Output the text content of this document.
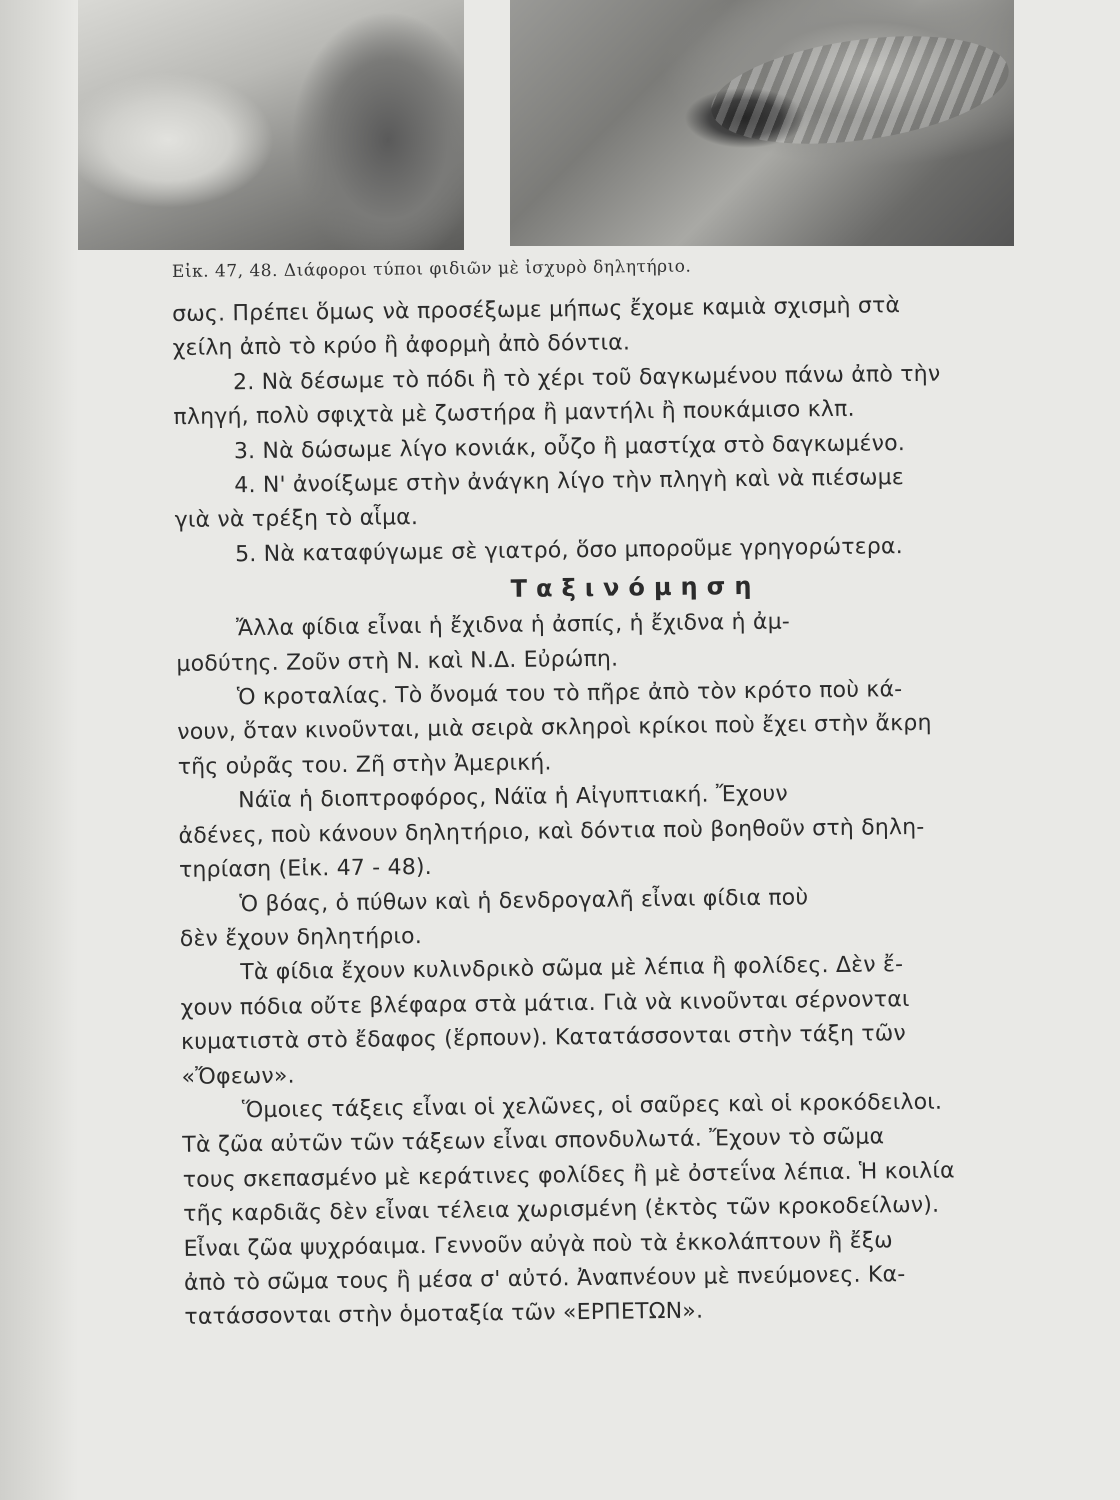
Εἰκ. 47, 48. Διάφοροι τύποι φιδιῶν μὲ ἰσχυρὸ δηλητήριο.
σως. Πρέπει ὅμως νὰ προσέξωμε μήπως ἔχομε καμιὰ σχισμὴ στὰ
χείλη ἀπὸ τὸ κρύο ἢ ἀφορμὴ ἀπὸ δόντια.
2. Νὰ δέσωμε τὸ πόδι ἢ τὸ χέρι τοῦ δαγκωμένου πάνω ἀπὸ τὴν
πληγή, πολὺ σφιχτὰ μὲ ζωστήρα ἢ μαντήλι ἢ πουκάμισο κλπ.
3. Νὰ δώσωμε λίγο κονιάκ, οὖζο ἢ μαστίχα στὸ δαγκωμένο.
4. Ν' ἀνοίξωμε στὴν ἀνάγκη λίγο τὴν πληγὴ καὶ νὰ πιέσωμε
γιὰ νὰ τρέξη τὸ αἷμα.
5. Νὰ καταφύγωμε σὲ γιατρό, ὅσο μποροῦμε γρηγορώτερα.
Ταξινόμηση
Ἄλλα φίδια εἶναι ἡ ἔχιδνα ἡ ἀσπίς, ἡ ἔχιδνα ἡ ἀμ-
μοδύτης. Ζοῦν στὴ Ν. καὶ Ν.Δ. Εὐρώπη.
Ὁ κροταλίας. Τὸ ὄνομά του τὸ πῆρε ἀπὸ τὸν κρότο ποὺ κά-
νουν, ὅταν κινοῦνται, μιὰ σειρὰ σκληροὶ κρίκοι ποὺ ἔχει στὴν ἄκρη
τῆς οὐρᾶς του. Ζῆ στὴν Ἀμερική.
Νάϊα ἡ διοπτροφόρος, Νάϊα ἡ Αἰγυπτιακή. Ἔχουν
ἀδένες, ποὺ κάνουν δηλητήριο, καὶ δόντια ποὺ βοηθοῦν στὴ δηλη-
τηρίαση (Εἰκ. 47 - 48).
Ὁ βόας, ὁ πύθων καὶ ἡ δενδρογαλῆ εἶναι φίδια ποὺ
δὲν ἔχουν δηλητήριο.
Τὰ φίδια ἔχουν κυλινδρικὸ σῶμα μὲ λέπια ἢ φολίδες. Δὲν ἔ-
χουν πόδια οὔτε βλέφαρα στὰ μάτια. Γιὰ νὰ κινοῦνται σέρνονται
κυματιστὰ στὸ ἔδαφος (ἕρπουν). Κατατάσσονται στὴν τάξη τῶν
«Ὄφεων».
Ὅμοιες τάξεις εἶναι οἱ χελῶνες, οἱ σαῦρες καὶ οἱ κροκόδειλοι.
Τὰ ζῶα αὐτῶν τῶν τάξεων εἶναι σπονδυλωτά. Ἔχουν τὸ σῶμα
τους σκεπασμένο μὲ κεράτινες φολίδες ἢ μὲ ὀστεΐνα λέπια. Ἡ κοιλία
τῆς καρδιᾶς δὲν εἶναι τέλεια χωρισμένη (ἐκτὸς τῶν κροκοδείλων).
Εἶναι ζῶα ψυχρόαιμα. Γεννοῦν αὐγὰ ποὺ τὰ ἐκκολάπτουν ἢ ἔξω
ἀπὸ τὸ σῶμα τους ἢ μέσα σ' αὐτό. Ἀναπνέουν μὲ πνεύμονες. Κα-
τατάσσονται στὴν ὁμοταξία τῶν «ΕΡΠΕΤΩΝ».
